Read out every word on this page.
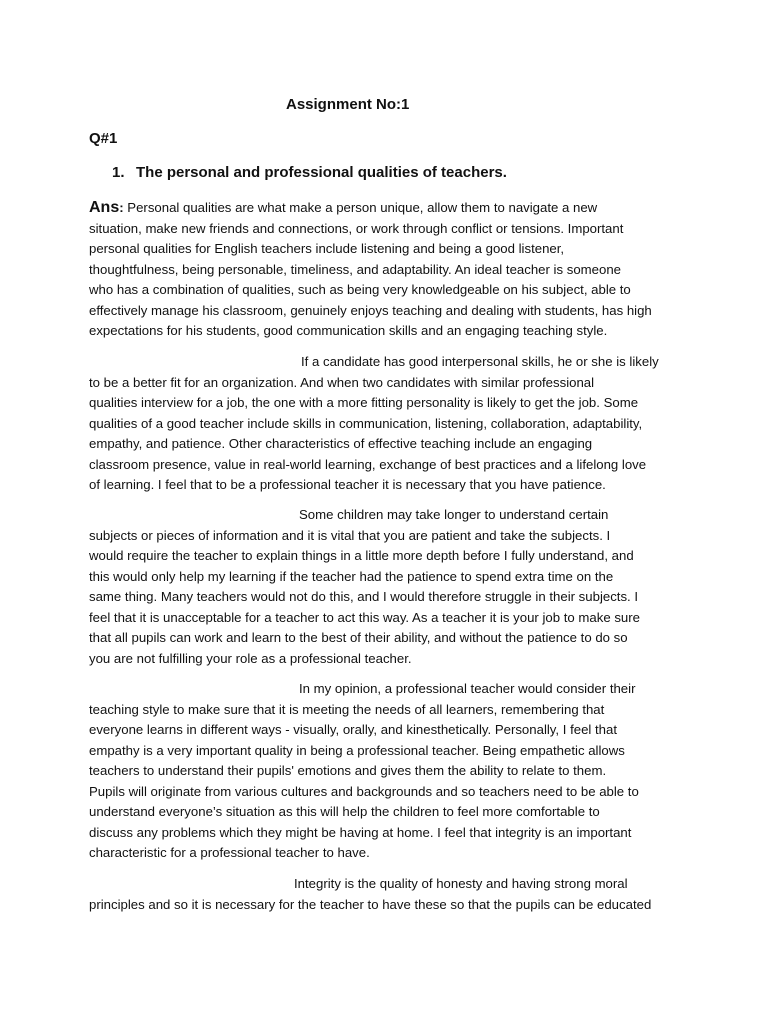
Assignment No:1
Q#1
1. The personal and professional qualities of teachers.
Ans: Personal qualities are what make a person unique, allow them to navigate a new
situation, make new friends and connections, or work through conflict or tensions. Important
personal qualities for English teachers include listening and being a good listener,
thoughtfulness, being personable, timeliness, and adaptability. An ideal teacher is someone
who has a combination of qualities, such as being very knowledgeable on his subject, able to
effectively manage his classroom, genuinely enjoys teaching and dealing with students, has high
expectations for his students, good communication skills and an engaging teaching style.
If a candidate has good interpersonal skills, he or she is likely
to be a better fit for an organization. And when two candidates with similar professional
qualities interview for a job, the one with a more fitting personality is likely to get the job. Some
qualities of a good teacher include skills in communication, listening, collaboration, adaptability,
empathy, and patience. Other characteristics of effective teaching include an engaging
classroom presence, value in real-world learning, exchange of best practices and a lifelong love
of learning. I feel that to be a professional teacher it is necessary that you have patience.
Some children may take longer to understand certain
subjects or pieces of information and it is vital that you are patient and take the subjects. I
would require the teacher to explain things in a little more depth before I fully understand, and
this would only help my learning if the teacher had the patience to spend extra time on the
same thing. Many teachers would not do this, and I would therefore struggle in their subjects. I
feel that it is unacceptable for a teacher to act this way. As a teacher it is your job to make sure
that all pupils can work and learn to the best of their ability, and without the patience to do so
you are not fulfilling your role as a professional teacher.
In my opinion, a professional teacher would consider their
teaching style to make sure that it is meeting the needs of all learners, remembering that
everyone learns in different ways - visually, orally, and kinesthetically. Personally, I feel that
empathy is a very important quality in being a professional teacher. Being empathetic allows
teachers to understand their pupils' emotions and gives them the ability to relate to them.
Pupils will originate from various cultures and backgrounds and so teachers need to be able to
understand everyone’s situation as this will help the children to feel more comfortable to
discuss any problems which they might be having at home. I feel that integrity is an important
characteristic for a professional teacher to have.
Integrity is the quality of honesty and having strong moral
principles and so it is necessary for the teacher to have these so that the pupils can be educated
